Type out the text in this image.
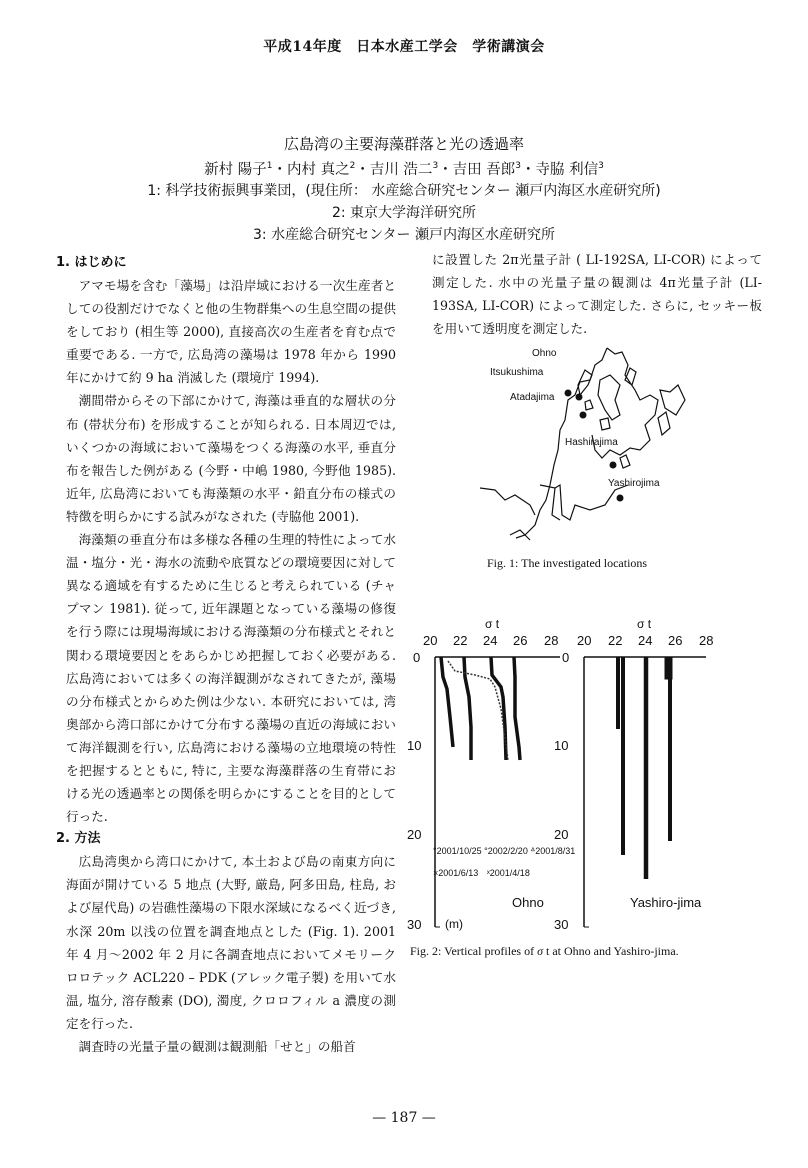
平成14年度　日本水産工学会　学術講演会
広島湾の主要海藻群落と光の透過率
新村 陽子$^1$・内村 真之$^2$・吉川 浩二$^3$・吉田 吾郎$^3$・寺脇 利信$^3$
1: 科学技術振興事業団，(現住所： 水産総合研究センター 瀬戸内海区水産研究所)
2: 東京大学海洋研究所
3: 水産総合研究センター 瀬戸内海区水産研究所
1. はじめに

アマモ場を含む「藻場」は沿岸域における一次生産者としての役割だけでなくと他の生物群集への生息空間の提供をしており (相生等 2000), 直接高次の生産者を育む点で重要である. 一方で, 広島湾の藻場は 1978 年から 1990 年にかけて約 9 ha 消滅した (環境庁 1994).

潮間帯からその下部にかけて, 海藻は垂直的な層状の分布 (帯状分布) を形成することが知られる. 日本周辺では, いくつかの海域において藻場をつくる海藻の水平, 垂直分布を報告した例がある (今野・中嶋 1980, 今野他 1985). 近年, 広島湾においても海藻類の水平・鉛直分布の様式の特徴を明らかにする試みがなされた (寺脇他 2001).

海藻類の垂直分布は多様な各種の生理的特性によって水温・塩分・光・海水の流動や底質などの環境要因に対して異なる適域を有するために生じると考えられている (チャプマン 1981). 従って, 近年課題となっている藻場の修復を行う際には現場海域における海藻類の分布様式とそれと関わる環境要因とをあらかじめ把握しておく必要がある. 広島湾においては多くの海洋観測がなされてきたが, 藻場の分布様式とからめた例は少ない. 本研究においては, 湾奥部から湾口部にかけて分布する藻場の直近の海域において海洋観測を行い, 広島湾における藻場の立地環境の特性を把握するとともに, 特に, 主要な海藻群落の生育帯における光の透過率との関係を明らかにすることを目的として行った.

2. 方法

広島湾奥から湾口にかけて, 本土および島の南東方向に海面が開けている 5 地点 (大野, 厳島, 阿多田島, 柱島, および屋代島) の岩礁性藻場の下限水深域になるべく近づき, 水深 20m 以浅の位置を調査地点とした (Fig. 1). 2001 年 4 月～2002 年 2 月に各調査地点においてメモリークロロテック ACL220 – PDK (アレック電子製) を用いて水温, 塩分, 溶存酸素 (DO), 濁度, クロロフィル a 濃度の測定を行った.

調査時の光量子量の観測は観測船「せと」の船首

に設置した 2π光量子計 ( LI-192SA, LI-COR) によって測定した. 水中の光量子量の観測は 4π光量子計 (LI-193SA, LI-COR) によって測定した. さらに, セッキー板を用いて透明度を測定した.

Ohno
Itsukushima
Atadajima
Hashirajima
Yashirojima
Fig. 1: The investigated locations
σ t
20 22 24 26 28
0
10
20
30
°2001/10/25 °2002/2/20 ᐞ2001/8/31
×2001/6/13 ˣ2001/4/18
Ohno
(m)
σ t
20 22 24 26 28
0
10
20
30
Yashiro-jima
Fig. 2: Vertical profiles of σ t at Ohno and Yashiro-jima.
— 187 —
